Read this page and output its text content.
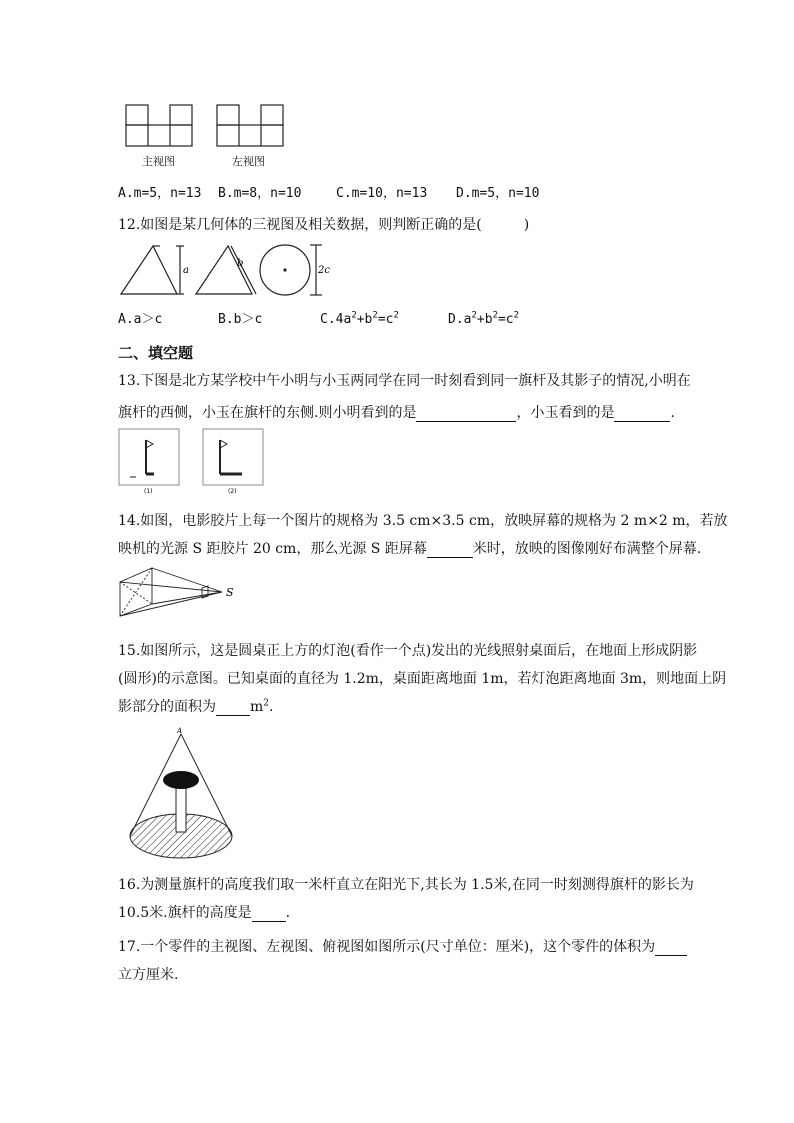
主视图	左视图
A.m=5，n=13 B.m=8，n=10	C.m=10，n=13 D.m=5，n=10
12.如图是某几何体的三视图及相关数据，则判断正确的是(　　　)
a
b
2c
A.a＞c	B.b＞c	$C.4a^2+b^2=c^2$	$D.a^2+b^2=c^2$
二、填空题
13.下图是北方某学校中午小明与小玉两同学在同一时刻看到同一旗杆及其影子的情况,小明在
旗杆的西侧，小玉在旗杆的东侧.则小明看到的是	，小玉看到的是	.
(1)	(2)
14.如图，电影胶片上每一个图片的规格为 3.5 cm×3.5 cm，放映屏幕的规格为 2 m×2 m，若放
映机的光源 S 距胶片 20 cm，那么光源 S 距屏幕	米时，放映的图像刚好布满整个屏幕.
S
15.如图所示，这是圆桌正上方的灯泡(看作一个点)发出的光线照射桌面后，在地面上形成阴影
(圆形)的示意图。已知桌面的直径为 1.2m，桌面距离地面 1m，若灯泡距离地面 3m，则地面上阴
影部分的面积为 $m^2$.
A
16.为测量旗杆的高度我们取一米杆直立在阳光下,其长为 1.5米,在同一时刻测得旗杆的影长为
10.5米.旗杆的高度是 .
17.一个零件的主视图、左视图、俯视图如图所示(尺寸单位：厘米)，这个零件的体积为
立方厘米.
